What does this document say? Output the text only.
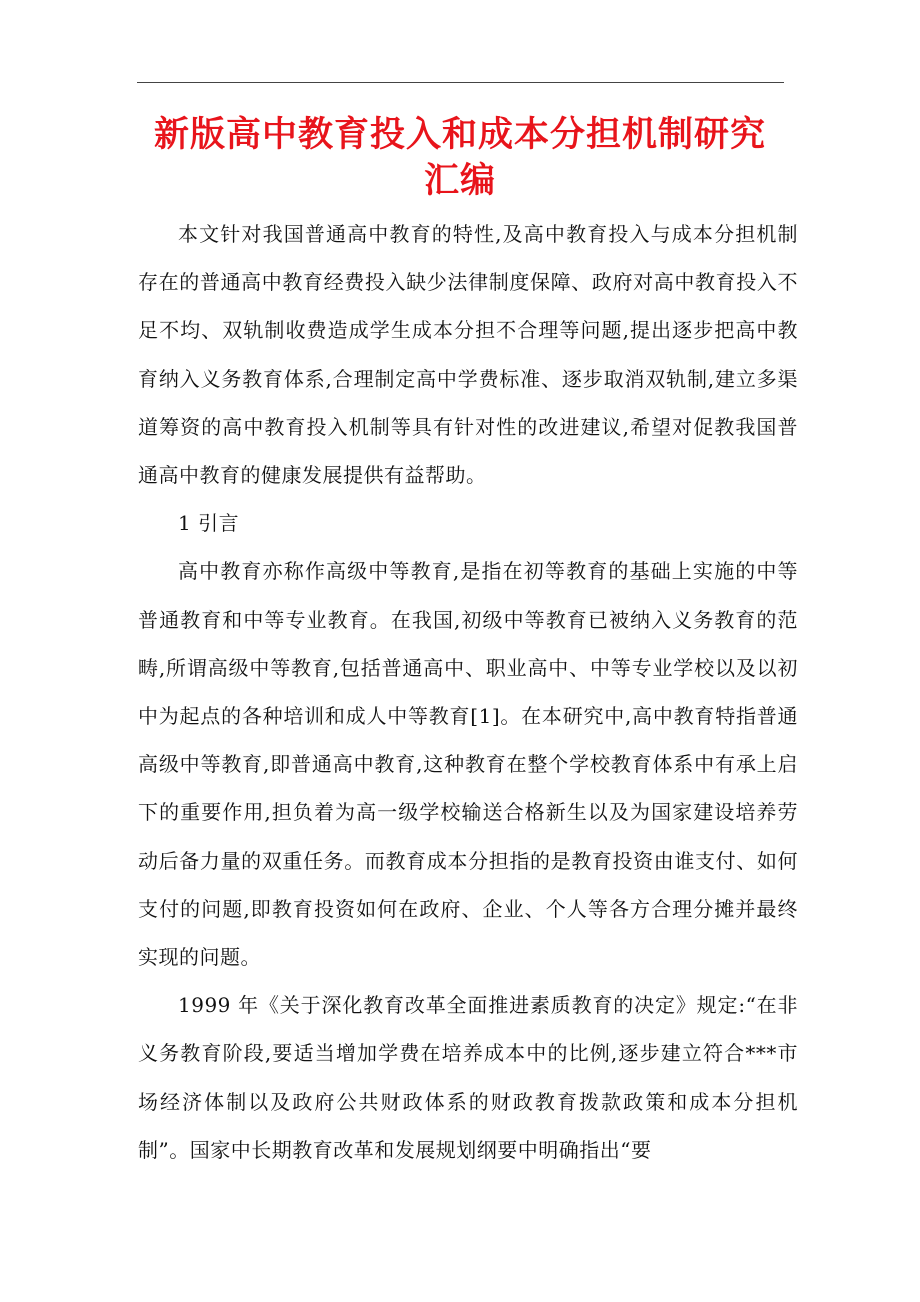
新版高中教育投入和成本分担机制研究汇编

本文针对我国普通高中教育的特性,及高中教育投入与成本分担机制存在的普通高中教育经费投入缺少法律制度保障、政府对高中教育投入不足不均、双轨制收费造成学生成本分担不合理等问题,提出逐步把高中教育纳入义务教育体系,合理制定高中学费标准、逐步取消双轨制,建立多渠道筹资的高中教育投入机制等具有针对性的改进建议,希望对促教我国普通高中教育的健康发展提供有益帮助。

1 引言

高中教育亦称作高级中等教育,是指在初等教育的基础上实施的中等普通教育和中等专业教育。在我国,初级中等教育已被纳入义务教育的范畴,所谓高级中等教育,包括普通高中、职业高中、中等专业学校以及以初中为起点的各种培训和成人中等教育[1]。在本研究中,高中教育特指普通高级中等教育,即普通高中教育,这种教育在整个学校教育体系中有承上启下的重要作用,担负着为高一级学校输送合格新生以及为国家建设培养劳动后备力量的双重任务。而教育成本分担指的是教育投资由谁支付、如何支付的问题,即教育投资如何在政府、企业、个人等各方合理分摊并最终实现的问题。

1999 年《关于深化教育改革全面推进素质教育的决定》规定:“在非义务教育阶段,要适当增加学费在培养成本中的比例,逐步建立符合***市场经济体制以及政府公共财政体系的财政教育拨款政策和成本分担机制”。国家中长期教育改革和发展规划纲要中明确指出“要
